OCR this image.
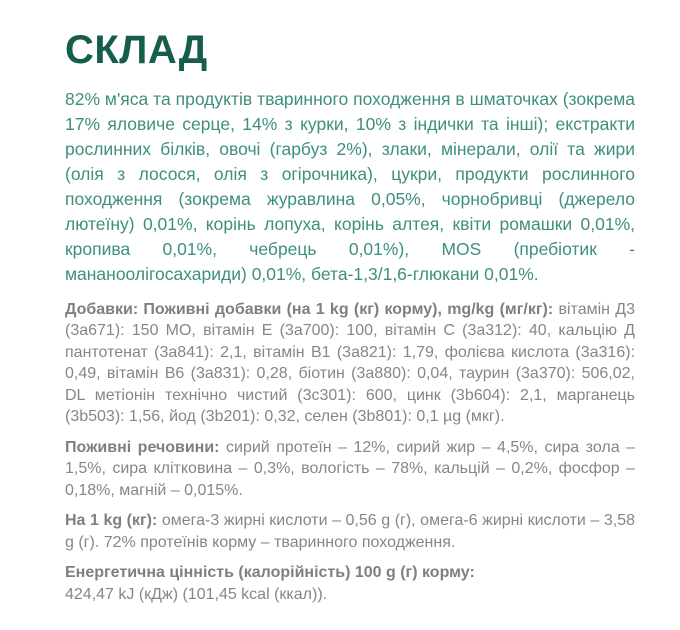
СКЛАД

82% м'яса та продуктів тваринного походження в шматочках (зокрема 17% яловиче серце, 14% з курки, 10% з індички та інші); екстракти рослинних білків, овочі (гарбуз 2%), злаки, мінерали, олії та жири (олія з лосося, олія з огірочника), цукри, продукти рослинного походження (зокрема журавлина 0,05%, чорнобривці (джерело лютеїну) 0,01%, корінь лопуха, корінь алтея, квіти ромашки 0,01%, кропива 0,01%, чебрець 0,01%), MOS (пребіотик - мананоолігосахариди) 0,01%, бета-1,3/1,6-глюкани 0,01%.

Добавки: Поживні добавки (на 1 kg (кг) корму), mg/kg (мг/кг): вітамін Д3 (3а671): 150 МО, вітамін Е (3а700): 100, вітамін С (3а312): 40, кальцію Д пантотенат (3а841): 2,1, вітамін В1 (3а821): 1,79, фолієва кислота (3а316): 0,49, вітамін В6 (3а831): 0,28, біотин (3а880): 0,04, таурин (3а370): 506,02, DL метіонін технічно чистий (3с301): 600, цинк (3b604): 2,1, марганець (3b503): 1,56, йод (3b201): 0,32, селен (3b801): 0,1 µg (мкг).

Поживні речовини: сирий протеїн – 12%, сирий жир – 4,5%, сира зола – 1,5%, сира клітковина – 0,3%, вологість – 78%, кальцій – 0,2%, фосфор – 0,18%, магній – 0,015%.

На 1 kg (кг): омега-3 жирні кислоти – 0,56 g (г), омега-6 жирні кислоти – 3,58 g (г). 72% протеїнів корму – тваринного походження.

Енергетична цінність (калорійність) 100 g (г) корму:

424,47 kJ (кДж) (101,45 kcal (ккал)).
